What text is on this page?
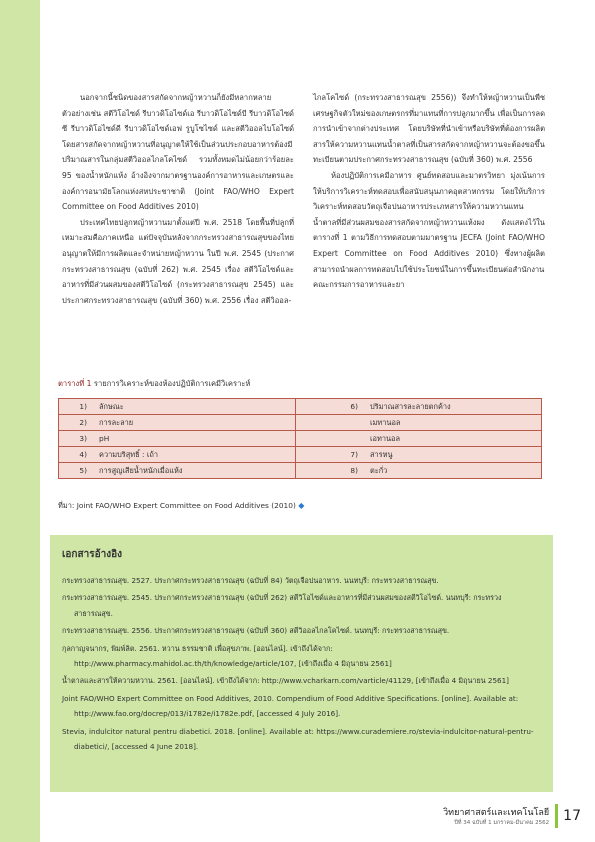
นอกจากนี้ชนิดของสารสกัดจากหญ้าหวานก็ยังมีหลากหลาย ตัวอย่างเช่น สตีวิโอไซด์ รีบาวดิโอไซด์เอ รีบาวดิโอไซด์บี รีบาวดิโอไซด์ซี รีบาวดิโอไซด์ดี รีบาวดิโอไซด์เอฟ รูบูโซไซด์ และสตีวิออลไบโอไซด์ โดยสารสกัดจากหญ้าหวานที่อนุญาตให้ใช้เป็นส่วนประกอบอาหารต้องมีปริมาณสารในกลุ่มสตีวิออลไกลโคไซด์ รวมทั้งหมดไม่น้อยกว่าร้อยละ 95 ของน้ำหนักแห้ง อ้างอิงจากมาตรฐานองค์การอาหารและเกษตรและองค์การอนามัยโลกแห่งสหประชาชาติ (Joint FAO/WHO Expert Committee on Food Additives 2010)

ประเทศไทยปลูกหญ้าหวานมาตั้งแต่ปี พ.ศ. 2518 โดยพื้นที่ปลูกที่เหมาะสมคือภาคเหนือ แต่ปัจจุบันหลังจากกระทรวงสาธารณสุขของไทยอนุญาตให้มีการผลิตและจำหน่ายหญ้าหวาน ในปี พ.ศ. 2545 (ประกาศกระทรวงสาธารณสุข (ฉบับที่ 262) พ.ศ. 2545 เรื่อง สตีวิโอไซด์และอาหารที่มีส่วนผสมของสตีวิโอไซด์ (กระทรวงสาธารณสุข 2545) และประกาศกระทรวงสาธารณสุข (ฉบับที่ 360) พ.ศ. 2556 เรื่อง สตีวิออล-

ไกลโคไซด์ (กระทรวงสาธารณสุข 2556)) จึงทำให้หญ้าหวานเป็นพืชเศรษฐกิจตัวใหม่ของเกษตรกรที่มาแทนที่การปลูกมากขึ้น เพื่อเป็นการลดการนำเข้าจากต่างประเทศ โดยบริษัทที่นำเข้าหรือบริษัทที่ต้องการผลิตสารให้ความหวานแทนน้ำตาลที่เป็นสารสกัดจากหญ้าหวานจะต้องขอขึ้นทะเบียนตามประกาศกระทรวงสาธารณสุข (ฉบับที่ 360) พ.ศ. 2556

ห้องปฏิบัติการเคมีอาหาร ศูนย์ทดสอบและมาตรวิทยา มุ่งเน้นการให้บริการวิเคราะห์ทดสอบเพื่อสนับสนุนภาคอุตสาหกรรม โดยให้บริการวิเคราะห์ทดสอบวัตถุเจือปนอาหารประเภทสารให้ความหวานแทนน้ำตาลที่มีส่วนผสมของสารสกัดจากหญ้าหวานแห้งผง ดังแสดงไว้ในตารางที่ 1 ตามวิธีการทดสอบตามมาตรฐาน JECFA (Joint FAO/WHO Expert Committee on Food Additives 2010) ซึ่งทางผู้ผลิตสามารถนำผลการทดสอบไปใช้ประโยชน์ในการขึ้นทะเบียนต่อสำนักงานคณะกรรมการอาหารและยา

ตารางที่ 1 รายการวิเคราะห์ของห้องปฏิบัติการเคมีวิเคราะห์
1)	ลักษณะ	6)	ปริมาณสารละลายตกค้าง
2)	การละลาย		เมทานอล
3)	pH		เอทานอล
4)	ความบริสุทธิ์ : เถ้า	7)	สารหนู
5)	การสูญเสียน้ำหนักเมื่อแห้ง	8)	ตะกั่ว
ที่มา: Joint FAO/WHO Expert Committee on Food Additives (2010) ◆
เอกสารอ้างอิง

กระทรวงสาธารณสุข. 2527. ประกาศกระทรวงสาธารณสุข (ฉบับที่ 84) วัตถุเจือปนอาหาร. นนทบุรี: กระทรวงสาธารณสุข.

กระทรวงสาธารณสุข. 2545. ประกาศกระทรวงสาธารณสุข (ฉบับที่ 262) สตีวิโอไซด์และอาหารที่มีส่วนผสมของสตีวิโอไซด์. นนทบุรี: กระทรวงสาธารณสุข.

กระทรวงสาธารณสุข. 2556. ประกาศกระทรวงสาธารณสุข (ฉบับที่ 360) สตีวิออลไกลโคไซด์. นนทบุรี: กระทรวงสาธารณสุข.

กุลกาญจนากร, พิมพ์ลิต. 2561. หวาน ธรรมชาติ เพื่อสุขภาพ. [ออนไลน์]. เข้าถึงได้จาก: http://www.pharmacy.mahidol.ac.th/th/knowledge/article/107, [เข้าถึงเมื่อ 4 มิถุนายน 2561]

น้ำตาลและสารให้ความหวาน. 2561. [ออนไลน์]. เข้าถึงได้จาก: http://www.vcharkarn.com/varticle/41129, [เข้าถึงเมื่อ 4 มิถุนายน 2561]

Joint FAO/WHO Expert Committee on Food Additives, 2010. Compendium of Food Additive Specifications. [online]. Available at: http://www.fao.org/docrep/013/i1782e/i1782e.pdf, [accessed 4 July 2016].

Stevia, indulcitor natural pentru diabetici. 2018. [online]. Available at: https://www.curademiere.ro/stevia-indulcitor-natural-pentru-diabetici/, [accessed 4 June 2018].

วิทยาศาสตร์และเทคโนโลยี
ปีที่ 34 ฉบับที่ 1 มกราคม-มีนาคม 2562 17
